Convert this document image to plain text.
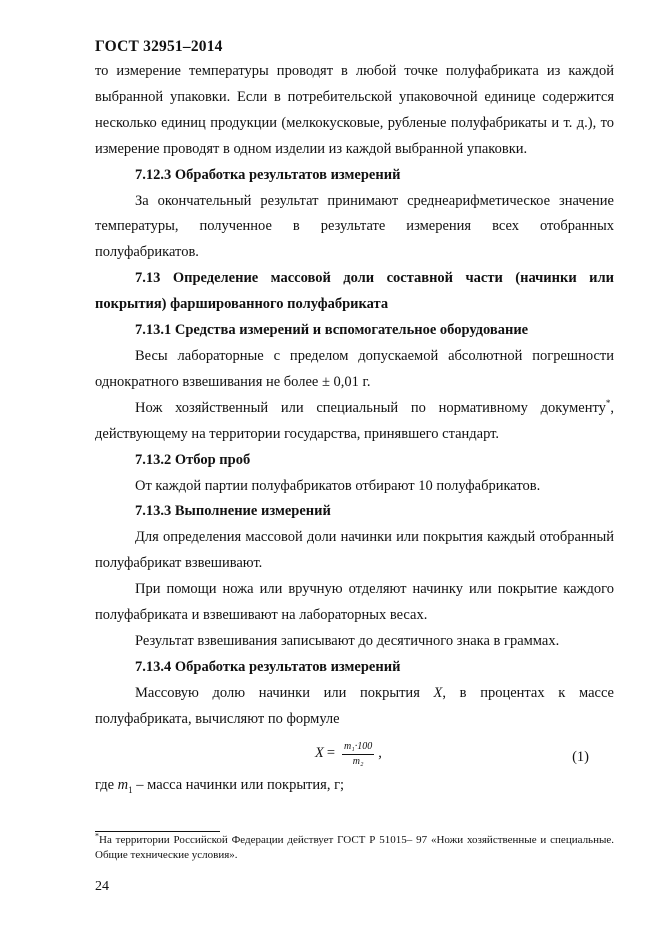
ГОСТ 32951–2014

то измерение температуры проводят в любой точке полуфабриката из каждой выбранной упаковки. Если в потребительской упаковочной единице содержится несколько единиц продукции (мелкокусковые, рубленые полуфабрикаты и т. д.), то измерение проводят в одном изделии из каждой выбранной упаковки.

7.12.3 Обработка результатов измерений

За окончательный результат принимают среднеарифметическое значение температуры, полученное в результате измерения всех отобранных полуфабрикатов.

7.13 Определение массовой доли составной части (начинки или покрытия) фаршированного полуфабриката

7.13.1 Средства измерений и вспомогательное оборудование

Весы лабораторные с пределом допускаемой абсолютной погрешности однократного взвешивания не более ± 0,01 г.

Нож хозяйственный или специальный по нормативному документу*, действующему на территории государства, принявшего стандарт.

7.13.2 Отбор проб

От каждой партии полуфабрикатов отбирают 10 полуфабрикатов.

7.13.3 Выполнение измерений

Для определения массовой доли начинки или покрытия каждый отобранный полуфабрикат взвешивают.

При помощи ножа или вручную отделяют начинку или покрытие каждого полуфабриката и взвешивают на лабораторных весах.

Результат взвешивания записывают до десятичного знака в граммах.

7.13.4 Обработка результатов измерений

Массовую долю начинки или покрытия X, в процентах к массе полуфабриката, вычисляют по формуле

$X = \frac{\text{m₁·100}}{\text{m₂}}$ ,	(1)

где $m_1$ – масса начинки или покрытия, г;

*На территории Российской Федерации действует ГОСТ Р 51015– 97 «Ножи хозяйственные и специальные. Общие технические условия».
24
